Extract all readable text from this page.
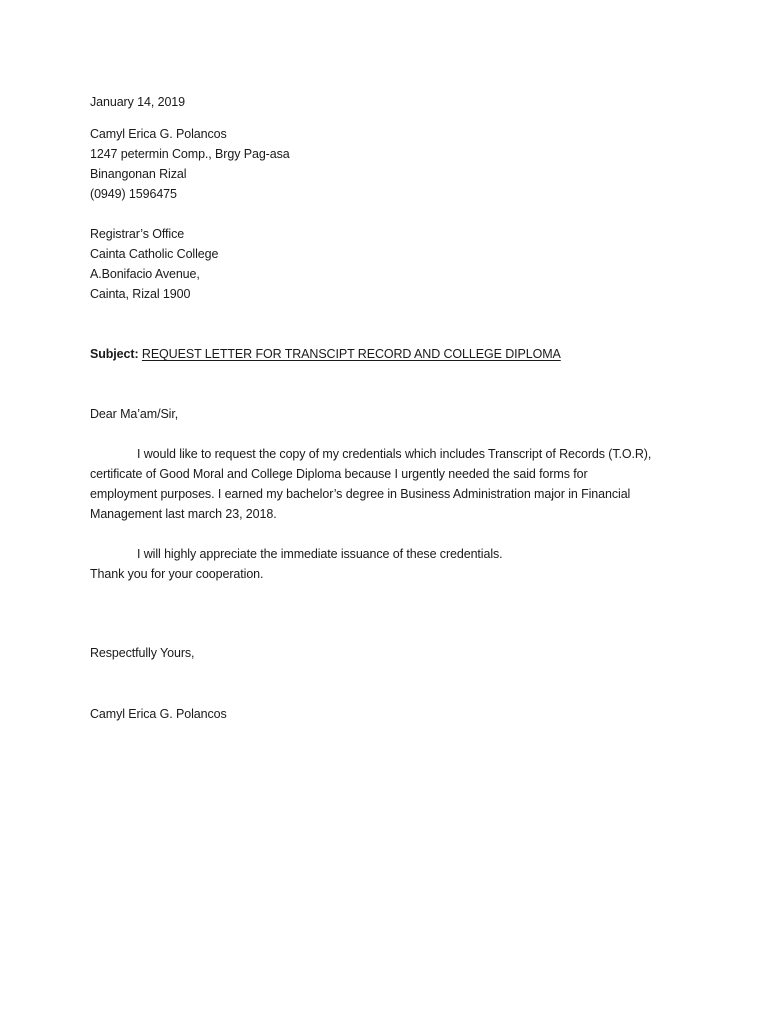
January 14, 2019
Camyl Erica G. Polancos
1247 petermin Comp., Brgy Pag-asa
Binangonan Rizal
(0949) 1596475
Registrar’s Office
Cainta Catholic College
A.Bonifacio Avenue,
Cainta, Rizal 1900
Subject: REQUEST LETTER FOR TRANSCIPT RECORD AND COLLEGE DIPLOMA
Dear Ma’am/Sir,
I would like to request the copy of my credentials which includes Transcript of Records (T.O.R),
certificate of Good Moral and College Diploma because I urgently needed the said forms for
employment purposes. I earned my bachelor’s degree in Business Administration major in Financial
Management last march 23, 2018.
I will highly appreciate the immediate issuance of these credentials.
Thank you for your cooperation.
Respectfully Yours,
Camyl Erica G. Polancos
